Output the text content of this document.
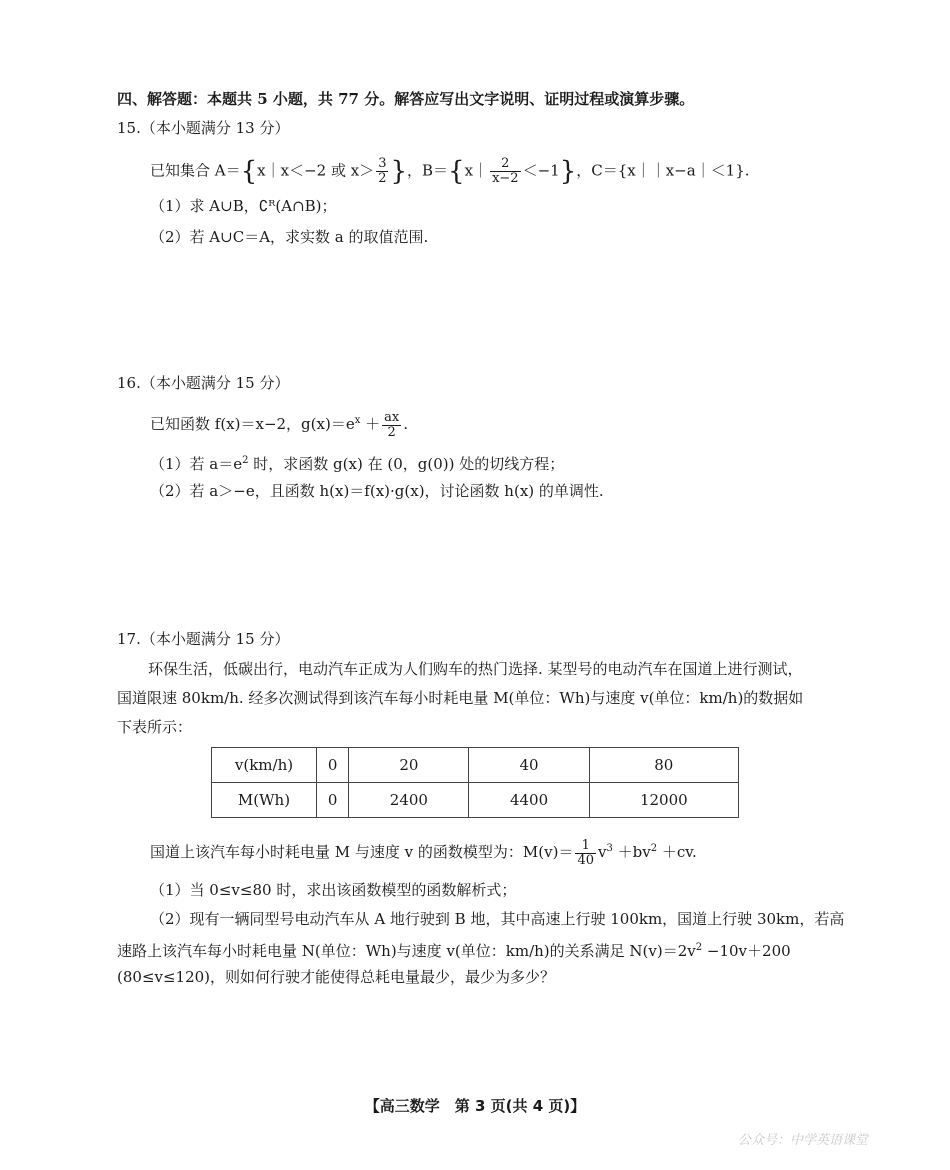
四、解答题：本题共 5 小题，共 77 分。解答应写出文字说明、证明过程或演算步骤。
15.（本小题满分 13 分）
已知集合 A＝{x｜x＜−2 或 $x> \frac{3}{2}$ }，B＝{x｜ $\frac{2}{x-2} <-1$}，C＝{x｜｜x−a｜＜1}.
（1）求 A∪B，∁ᴿ(A∩B)；
（2）若 A∪C＝A，求实数 a 的取值范围.
16.（本小题满分 15 分）
已知函数 f(x)＝x−2，$g(x)=e^x + \frac{ax}{2}$ .
（1）若 $a=e^2$ 时，求函数 g(x) 在 (0，g(0)) 处的切线方程；
（2）若 a＞−e，且函数 h(x)＝f(x)·g(x)，讨论函数 h(x) 的单调性.
17.（本小题满分 15 分）
环保生活，低碳出行，电动汽车正成为人们购车的热门选择. 某型号的电动汽车在国道上进行测试，
国道限速 80km/h. 经多次测试得到该汽车每小时耗电量 M(单位：Wh)与速度 v(单位：km/h)的数据如
下表所示：
v(km/h)	0	20	40	80
M(Wh)	0	2400	4400	12000
国道上该汽车每小时耗电量 M 与速度 v 的函数模型为：$M(v)= \frac{1}{40} v^3 +bv^2 +cv$.
（1）当 0≤v≤80 时，求出该函数模型的函数解析式；
（2）现有一辆同型号电动汽车从 A 地行驶到 B 地，其中高速上行驶 100km，国道上行驶 30km，若高
速路上该汽车每小时耗电量 N(单位：Wh)与速度 v(单位：km/h)的关系满足 $N(v)=2v^2 -10v+200$
(80≤v≤120)，则如何行驶才能使得总耗电量最少，最少为多少？
【高三数学　第 3 页(共 4 页)】
公众号：中学英语课堂
